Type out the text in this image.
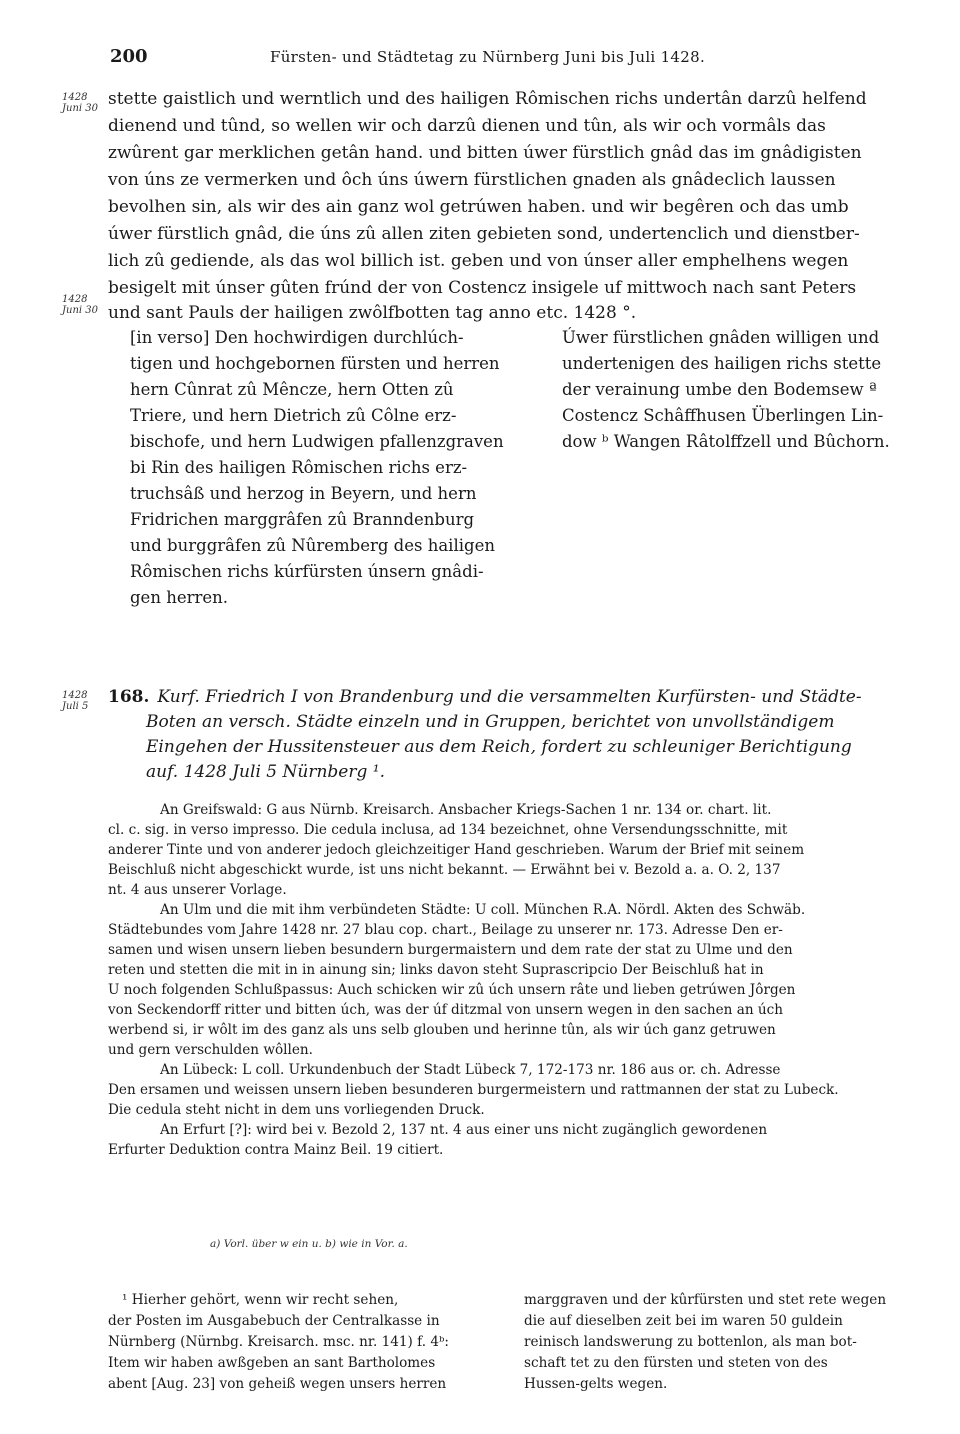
200	Fürsten- und Städtetag zu Nürnberg Juni bis Juli 1428.
1428
Juni 30
1428
Juni 30
1428
Juli 5
stette gaistlich und werntlich und des hailigen Rômischen richs undertân darzû helfend
dienend und tûnd, so wellen wir och darzû dienen und tûn, als wir och vormâls das
zwûrent gar merklichen getân hand. und bitten úwer fürstlich gnâd das im gnâdigisten
von úns ze vermerken und ôch úns úwern fürstlichen gnaden als gnâdeclich laussen
bevolhen sin, als wir des ain ganz wol getrúwen haben. und wir begêren och das umb
úwer fürstlich gnâd, die úns zû allen ziten gebieten sond, undertenclich und dienstber-
lich zû gediende, als das wol billich ist. geben und von únser aller emphelhens wegen
besigelt mit únser gûten frúnd der von Costencz insigele uf mittwoch nach sant Peters
und sant Pauls der hailigen zwôlfbotten tag anno etc. 1428 °.
[in verso] Den hochwirdigen durchlúch-
tigen und hochgebornen fürsten und herren
hern Cûnrat zû Mêncze, hern Otten zû
Triere, und hern Dietrich zû Côlne erz-
bischofe, und hern Ludwigen pfallenzgraven
bi Rin des hailigen Rômischen richs erz-
truchsâß und herzog in Beyern, und hern
Fridrichen marggrâfen zû Branndenburg
und burggrâfen zû Nûremberg des hailigen
Rômischen richs kúrfürsten únsern gnâdi-
gen herren.
Úwer fürstlichen gnâden willigen und
undertenigen des hailigen richs stette
der verainung umbe den Bodemsew ª
Costencz Schâffhusen Überlingen Lin-
dow ᵇ Wangen Râtolffzell und Bûchorn.
168. Kurf. Friedrich I von Brandenburg und die versammelten Kurfürsten- und Städte-
Boten an versch. Städte einzeln und in Gruppen, berichtet von unvollständigem
Eingehen der Hussitensteuer aus dem Reich, fordert zu schleuniger Berichtigung
auf. 1428 Juli 5 Nürnberg ¹.
An Greifswald: G aus Nürnb. Kreisarch. Ansbacher Kriegs-Sachen 1 nr. 134 or. chart. lit.
cl. c. sig. in verso impresso. Die cedula inclusa, ad 134 bezeichnet, ohne Versendungsschnitte, mit
anderer Tinte und von anderer jedoch gleichzeitiger Hand geschrieben. Warum der Brief mit seinem
Beischluß nicht abgeschickt wurde, ist uns nicht bekannt. — Erwähnt bei v. Bezold a. a. O. 2, 137
nt. 4 aus unserer Vorlage.
An Ulm und die mit ihm verbündeten Städte: U coll. München R.A. Nördl. Akten des Schwäb.
Städtebundes vom Jahre 1428 nr. 27 blau cop. chart., Beilage zu unserer nr. 173. Adresse Den er-
samen und wisen unsern lieben besundern burgermaistern und dem rate der stat zu Ulme und den
reten und stetten die mit in in ainung sin; links davon steht Suprascripcio Der Beischluß hat in
U noch folgenden Schlußpassus: Auch schicken wir zû úch unsern râte und lieben getrúwen Jôrgen
von Seckendorff ritter und bitten úch, was der úf ditzmal von unsern wegen in den sachen an úch
werbend si, ir wôlt im des ganz als uns selb glouben und herinne tûn, als wir úch ganz getruwen
und gern verschulden wôllen.
An Lübeck: L coll. Urkundenbuch der Stadt Lübeck 7, 172-173 nr. 186 aus or. ch. Adresse
Den ersamen und weissen unsern lieben besunderen burgermeistern und rattmannen der stat zu Lubeck.
Die cedula steht nicht in dem uns vorliegenden Druck.
An Erfurt [?]: wird bei v. Bezold 2, 137 nt. 4 aus einer uns nicht zugänglich gewordenen
Erfurter Deduktion contra Mainz Beil. 19 citiert.
a) Vorl. über w ein u. b) wie in Vor. a.
¹ Hierher gehört, wenn wir recht sehen,
der Posten im Ausgabebuch der Centralkasse in
Nürnberg (Nürnbg. Kreisarch. msc. nr. 141) f. 4ᵇ:
Item wir haben awßgeben an sant Bartholomes
abent [Aug. 23] von geheiß wegen unsers herren
marggraven und der kûrfürsten und stet rete wegen
die auf dieselben zeit bei im waren 50 guldein
reinisch landswerung zu bottenlon, als man bot-
schaft tet zu den fürsten und steten von des
Hussen-gelts wegen.
